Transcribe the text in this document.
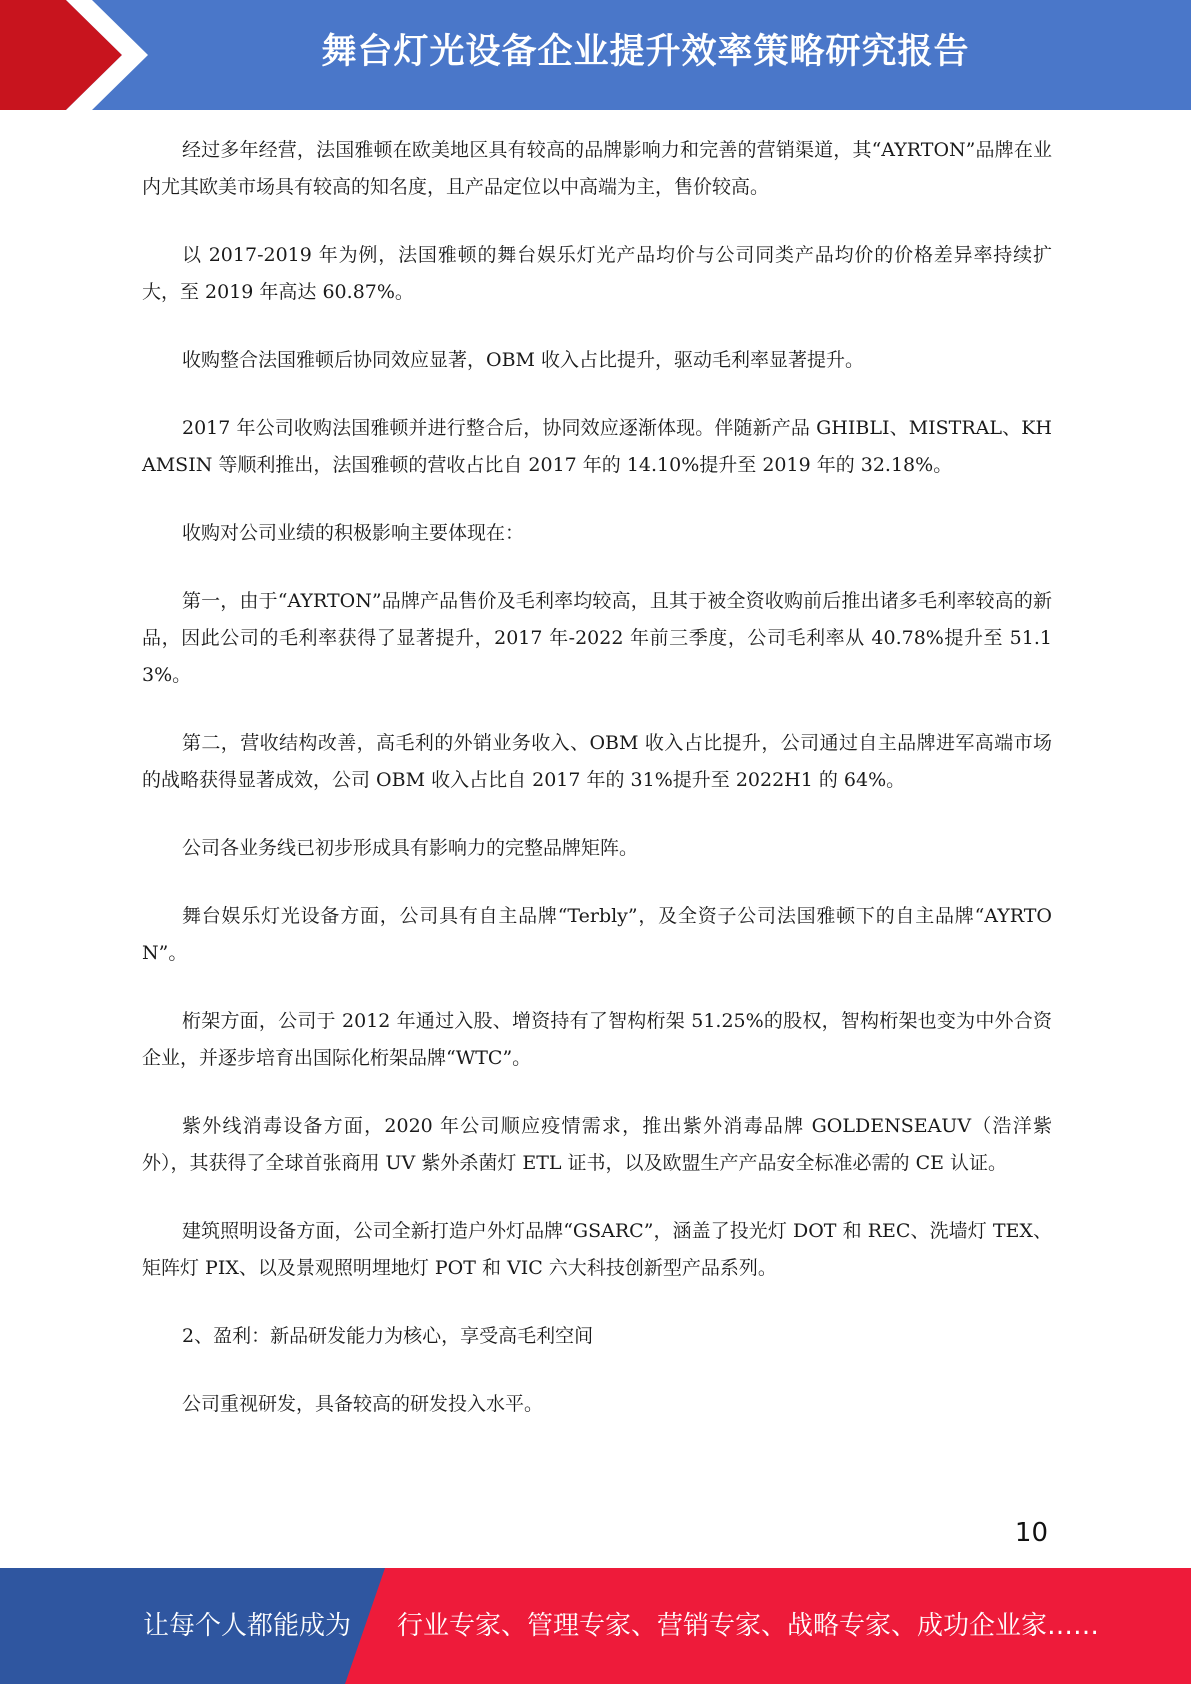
舞台灯光设备企业提升效率策略研究报告

经过多年经营，法国雅顿在欧美地区具有较高的品牌影响力和完善的营销渠道，其“AYRTON”品牌在业内尤其欧美市场具有较高的知名度，且产品定位以中高端为主，售价较高。

以 2017-2019 年为例，法国雅顿的舞台娱乐灯光产品均价与公司同类产品均价的价格差异率持续扩大，至 2019 年高达 60.87%。

收购整合法国雅顿后协同效应显著，OBM 收入占比提升，驱动毛利率显著提升。

2017 年公司收购法国雅顿并进行整合后，协同效应逐渐体现。伴随新产品 GHIBLI、MISTRAL、KHAMSIN 等顺利推出，法国雅顿的营收占比自 2017 年的 14.10%提升至 2019 年的 32.18%。

收购对公司业绩的积极影响主要体现在：

第一，由于“AYRTON”品牌产品售价及毛利率均较高，且其于被全资收购前后推出诸多毛利率较高的新品，因此公司的毛利率获得了显著提升，2017 年-2022 年前三季度，公司毛利率从 40.78%提升至 51.13%。

第二，营收结构改善，高毛利的外销业务收入、OBM 收入占比提升，公司通过自主品牌进军高端市场的战略获得显著成效，公司 OBM 收入占比自 2017 年的 31%提升至 2022H1 的 64%。

公司各业务线已初步形成具有影响力的完整品牌矩阵。

舞台娱乐灯光设备方面，公司具有自主品牌“Terbly”，及全资子公司法国雅顿下的自主品牌“AYRTON”。

桁架方面，公司于 2012 年通过入股、增资持有了智构桁架 51.25%的股权，智构桁架也变为中外合资企业，并逐步培育出国际化桁架品牌“WTC”。

紫外线消毒设备方面，2020 年公司顺应疫情需求，推出紫外消毒品牌 GOLDENSEAUV（浩洋紫外），其获得了全球首张商用 UV 紫外杀菌灯 ETL 证书，以及欧盟生产产品安全标准必需的 CE 认证。

建筑照明设备方面，公司全新打造户外灯品牌“GSARC”，涵盖了投光灯 DOT 和 REC、洗墙灯 TEX、矩阵灯 PIX、以及景观照明埋地灯 POT 和 VIC 六大科技创新型产品系列。

2、盈利：新品研发能力为核心，享受高毛利空间

公司重视研发，具备较高的研发投入水平。

10
让每个人都能成为 行业专家、管理专家、营销专家、战略专家、成功企业家……
